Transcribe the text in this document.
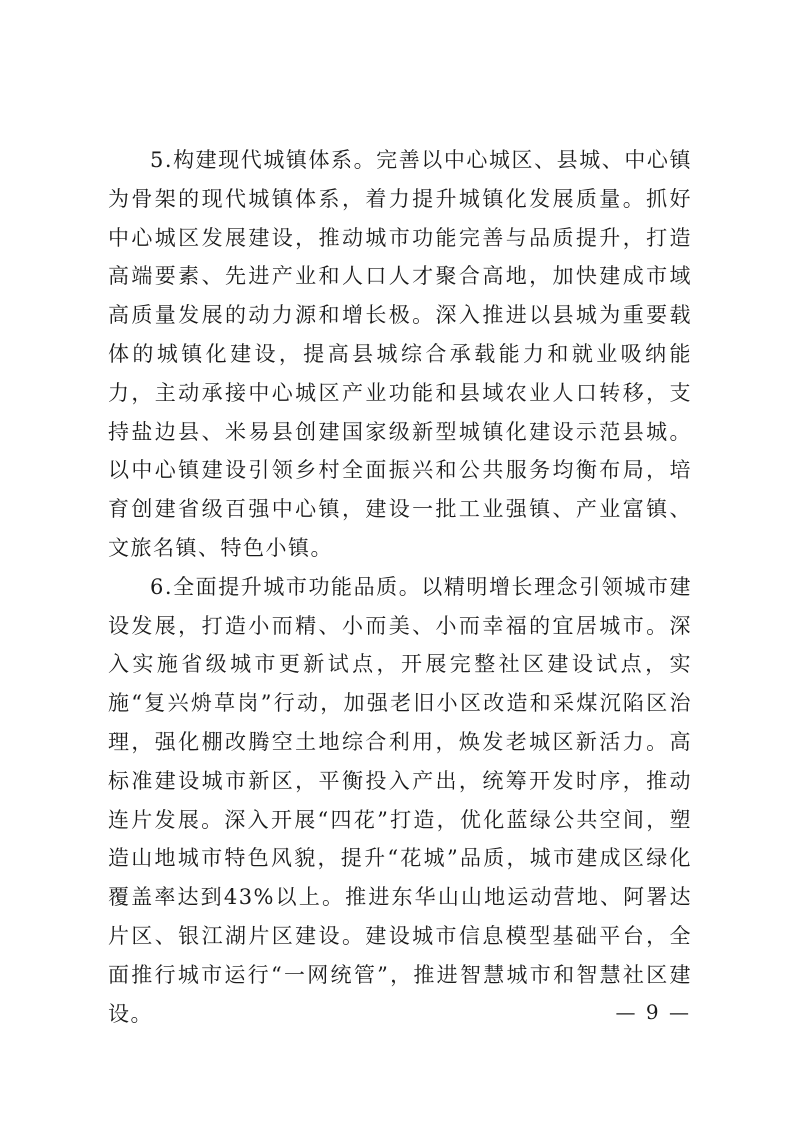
5.构建现代城镇体系。完善以中心城区、县城、中心镇为骨架的现代城镇体系，着力提升城镇化发展质量。抓好中心城区发展建设，推动城市功能完善与品质提升，打造高端要素、先进产业和人口人才聚合高地，加快建成市域高质量发展的动力源和增长极。深入推进以县城为重要载体的城镇化建设，提高县城综合承载能力和就业吸纳能力，主动承接中心城区产业功能和县域农业人口转移，支持盐边县、米易县创建国家级新型城镇化建设示范县城。以中心镇建设引领乡村全面振兴和公共服务均衡布局，培育创建省级百强中心镇，建设一批工业强镇、产业富镇、文旅名镇、特色小镇。

6.全面提升城市功能品质。以精明增长理念引领城市建设发展，打造小而精、小而美、小而幸福的宜居城市。深入实施省级城市更新试点，开展完整社区建设试点，实施“复兴烐草岗”行动，加强老旧小区改造和采煤沉陷区治理，强化棚改腾空土地综合利用，焕发老城区新活力。高标准建设城市新区，平衡投入产出，统筹开发时序，推动连片发展。深入开展“四花”打造，优化蓝绿公共空间，塑造山地城市特色风貌，提升“花城”品质，城市建成区绿化覆盖率达到43%以上。推进东华山山地运动营地、阿署达片区、银江湖片区建设。建设城市信息模型基础平台，全面推行城市运行“一网统管”，推进智慧城市和智慧社区建设。	— 9 —
